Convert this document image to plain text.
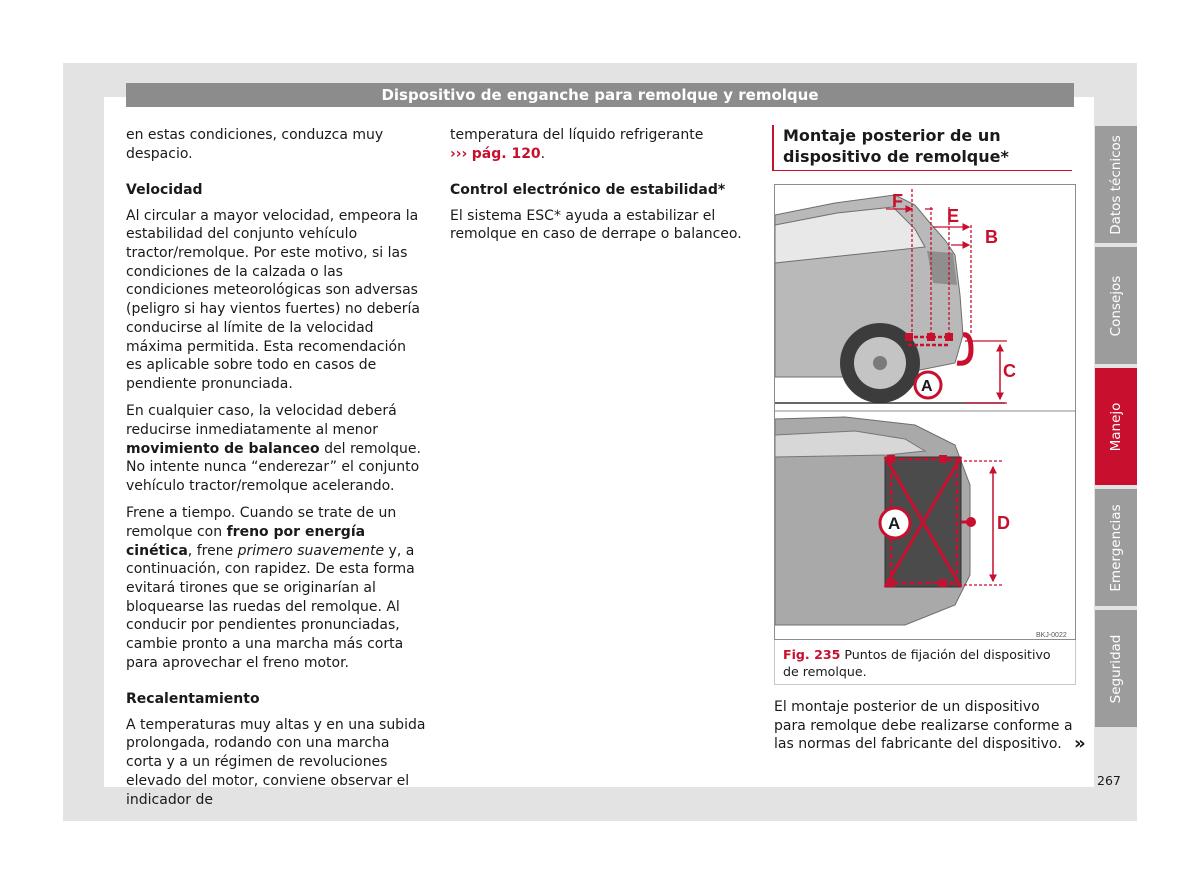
Dispositivo de enganche para remolque y remolque

en estas condiciones, conduzca muy despacio.

Velocidad

Al circular a mayor velocidad, empeora la estabilidad del conjunto vehículo tractor/remolque. Por este motivo, si las condiciones de la calzada o las condiciones meteorológicas son adversas (peligro si hay vientos fuertes) no debería conducirse al límite de la velocidad máxima permitida. Esta recomendación es aplicable sobre todo en casos de pendiente pronunciada.

En cualquier caso, la velocidad deberá reducirse inmediatamente al menor movimiento de balanceo del remolque. No intente nunca “enderezar” el conjunto vehículo tractor/remolque acelerando.

Frene a tiempo. Cuando se trate de un remolque con freno por energía cinética, frene primero suavemente y, a continuación, con rapidez. De esta forma evitará tirones que se originarían al bloquearse las ruedas del remolque. Al conducir por pendientes pronunciadas, cambie pronto a una marcha más corta para aprovechar el freno motor.

Recalentamiento

A temperaturas muy altas y en una subida prolongada, rodando con una marcha corta y a un régimen de revoluciones elevado del motor, conviene observar el indicador de

temperatura del líquido refrigerante
››› pág. 120.

Control electrónico de estabilidad*

El sistema ESC* ayuda a estabilizar el remolque en caso de derrape o balanceo.

Montaje posterior de un dispositivo de remolque*
F
E
B
C
A
D
A
BKJ-0022
Fig. 235 Puntos de fijación del dispositivo de remolque.
El montaje posterior de un dispositivo para remolque debe realizarse conforme a las normas del fabricante del dispositivo. »
Datos técnicos
Consejos
Manejo
Emergencias
Seguridad
267
